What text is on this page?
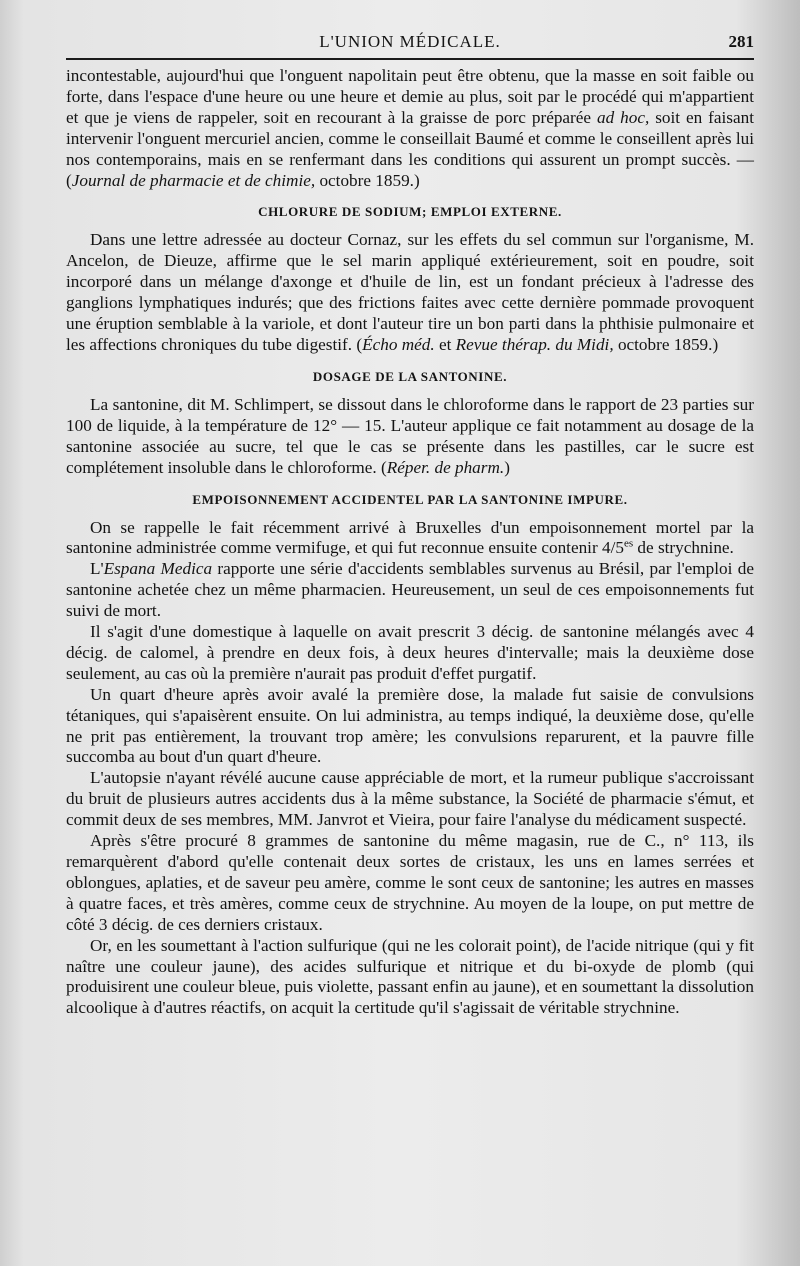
L'UNION MÉDICALE.	281

incontestable, aujourd'hui que l'onguent napolitain peut être obtenu, que la masse en soit faible ou forte, dans l'espace d'une heure ou une heure et demie au plus, soit par le procédé qui m'appartient et que je viens de rappeler, soit en recourant à la graisse de porc préparée ad hoc, soit en faisant intervenir l'onguent mercuriel ancien, comme le conseillait Baumé et comme le conseillent après lui nos contemporains, mais en se renfermant dans les conditions qui assurent un prompt succès. — (Journal de pharmacie et de chimie, octobre 1859.)

CHLORURE DE SODIUM; EMPLOI EXTERNE.

Dans une lettre adressée au docteur Cornaz, sur les effets du sel commun sur l'organisme, M. Ancelon, de Dieuze, affirme que le sel marin appliqué extérieurement, soit en poudre, soit incorporé dans un mélange d'axonge et d'huile de lin, est un fondant précieux à l'adresse des ganglions lymphatiques indurés; que des frictions faites avec cette dernière pommade provoquent une éruption semblable à la variole, et dont l'auteur tire un bon parti dans la phthisie pulmonaire et les affections chroniques du tube digestif. (Écho méd. et Revue thérap. du Midi, octobre 1859.)

DOSAGE DE LA SANTONINE.

La santonine, dit M. Schlimpert, se dissout dans le chloroforme dans le rapport de 23 parties sur 100 de liquide, à la température de 12° — 15. L'auteur applique ce fait notamment au dosage de la santonine associée au sucre, tel que le cas se présente dans les pastilles, car le sucre est complétement insoluble dans le chloroforme. (Réper. de pharm.)

EMPOISONNEMENT ACCIDENTEL PAR LA SANTONINE IMPURE.

On se rappelle le fait récemment arrivé à Bruxelles d'un empoisonnement mortel par la santonine administrée comme vermifuge, et qui fut reconnue ensuite contenir $4/5^{es}$ de strychnine.

L'Espana Medica rapporte une série d'accidents semblables survenus au Brésil, par l'emploi de santonine achetée chez un même pharmacien. Heureusement, un seul de ces empoisonnements fut suivi de mort.

Il s'agit d'une domestique à laquelle on avait prescrit 3 décig. de santonine mélangés avec 4 décig. de calomel, à prendre en deux fois, à deux heures d'intervalle; mais la deuxième dose seulement, au cas où la première n'aurait pas produit d'effet purgatif.

Un quart d'heure après avoir avalé la première dose, la malade fut saisie de convulsions tétaniques, qui s'apaisèrent ensuite. On lui administra, au temps indiqué, la deuxième dose, qu'elle ne prit pas entièrement, la trouvant trop amère; les convulsions reparurent, et la pauvre fille succomba au bout d'un quart d'heure.

L'autopsie n'ayant révélé aucune cause appréciable de mort, et la rumeur publique s'accroissant du bruit de plusieurs autres accidents dus à la même substance, la Société de pharmacie s'émut, et commit deux de ses membres, MM. Janvrot et Vieira, pour faire l'analyse du médicament suspecté.

Après s'être procuré 8 grammes de santonine du même magasin, rue de C., n° 113, ils remarquèrent d'abord qu'elle contenait deux sortes de cristaux, les uns en lames serrées et oblongues, aplaties, et de saveur peu amère, comme le sont ceux de santonine; les autres en masses à quatre faces, et très amères, comme ceux de strychnine. Au moyen de la loupe, on put mettre de côté 3 décig. de ces derniers cristaux.

Or, en les soumettant à l'action sulfurique (qui ne les colorait point), de l'acide nitrique (qui y fit naître une couleur jaune), des acides sulfurique et nitrique et du bi-oxyde de plomb (qui produisirent une couleur bleue, puis violette, passant enfin au jaune), et en soumettant la dissolution alcoolique à d'autres réactifs, on acquit la certitude qu'il s'agissait de véritable strychnine.
